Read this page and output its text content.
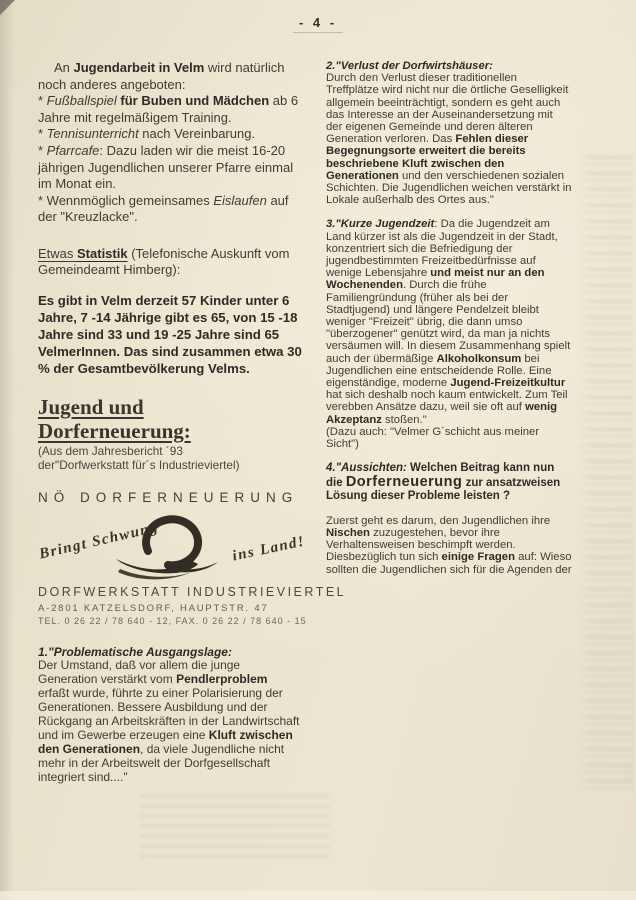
- 4 -

An Jugendarbeit in Velm wird natürlich noch anderes angeboten:

* Fußballspiel für Buben und Mädchen ab 6 Jahre mit regelmäßigem Training.

* Tennisunterricht nach Vereinbarung.

* Pfarrcafe: Dazu laden wir die meist 16-20 jährigen Jugendlichen unserer Pfarre einmal im Monat ein.

* Wennmöglich gemeinsames Eislaufen auf der "Kreuzlacke".

Etwas Statistik (Telefonische Auskunft vom Gemeindeamt Himberg):

Es gibt in Velm derzeit 57 Kinder unter 6 Jahre, 7 -14 Jährige gibt es 65, von 15 -18 Jahre sind 33 und 19 -25 Jahre sind 65 VelmerInnen. Das sind zusammen etwa 30 % der Gesamtbevölkerung Velms.

Jugend und
Dorferneuerung:

(Aus dem Jahresbericht ´93
der"Dorfwerkstatt für´s Industrieviertel)

NÖ DORFERNEUERUNG
Bringt Schwung	ins Land!
DORFWERKSTATT INDUSTRIEVIERTEL
A-2801 KATZELSDORF, HAUPTSTR. 47
TEL. 0 26 22 / 78 640 - 12, FAX. 0 26 22 / 78 640 - 15

1."Problematische Ausgangslage:
Der Umstand, daß vor allem die junge Generation verstärkt vom Pendlerproblem erfaßt wurde, führte zu einer Polarisierung der Generationen. Bessere Ausbildung und der Rückgang an Arbeitskräften in der Landwirtschaft und im Gewerbe erzeugen eine Kluft zwischen den Generationen, da viele Jugendliche nicht mehr in der Arbeitswelt der Dorfgesellschaft integriert sind...."

2."Verlust der Dorfwirtshäuser:
Durch den Verlust dieser traditionellen Treffplätze wird nicht nur die örtliche Geselligkeit allgemein beeinträchtigt, sondern es geht auch das Interesse an der Auseinandersetzung mit der eigenen Gemeinde und deren älteren Generation verloren. Das Fehlen dieser Begegnungsorte erweitert die bereits beschriebene Kluft zwischen den Generationen und den verschiedenen sozialen Schichten. Die Jugendlichen weichen verstärkt in Lokale außerhalb des Ortes aus."

3."Kurze Jugendzeit: Da die Jugendzeit am Land kürzer ist als die Jugendzeit in der Stadt, konzentriert sich die Befriedigung der jugendbestimmten Freizeitbedürfnisse auf wenige Lebensjahre und meist nur an den Wochenenden. Durch die frühe Familiengründung (früher als bei der Stadtjugend) und längere Pendelzeit bleibt weniger "Freizeit" übrig, die dann umso "überzogener" genützt wird, da man ja nichts versäumen will. In diesem Zusammenhang spielt auch der übermäßige Alkoholkonsum bei Jugendlichen eine entscheidende Rolle. Eine eigenständige, moderne Jugend-Freizeitkultur hat sich deshalb noch kaum entwickelt. Zum Teil verebben Ansätze dazu, weil sie oft auf wenig Akzeptanz stoßen."
(Dazu auch: "Velmer G´schicht aus meiner Sicht")

4."Aussichten: Welchen Beitrag kann nun die Dorferneuerung zur ansatzweisen Lösung dieser Probleme leisten ?

Zuerst geht es darum, den Jugendlichen ihre Nischen zuzugestehen, bevor ihre Verhaltensweisen beschimpft werden. Diesbezüglich tun sich einige Fragen auf: Wieso sollten die Jugendlichen sich für die Agenden der
